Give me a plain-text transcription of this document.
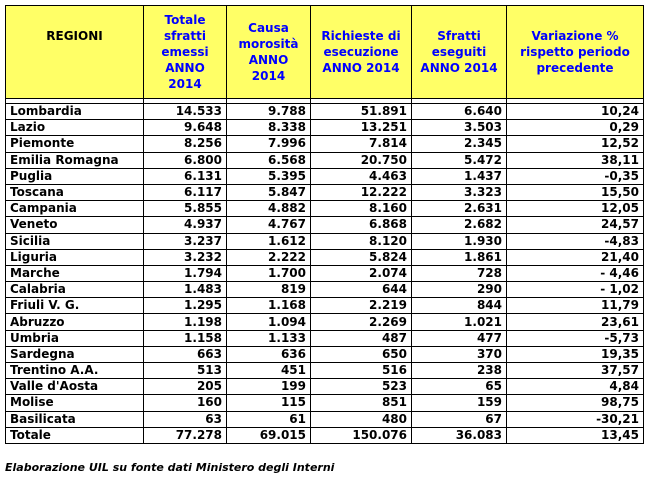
REGIONI	Totale sfratti emessi ANNO 2014	Causa morosità ANNO 2014	Richieste di esecuzione ANNO 2014	Sfratti eseguiti ANNO 2014	Variazione % rispetto periodo precedente

Lombardia	14.533	9.788	51.891	6.640	10,24
Lazio	9.648	8.338	13.251	3.503	0,29
Piemonte	8.256	7.996	7.814	2.345	12,52
Emilia Romagna	6.800	6.568	20.750	5.472	38,11
Puglia	6.131	5.395	4.463	1.437	-0,35
Toscana	6.117	5.847	12.222	3.323	15,50
Campania	5.855	4.882	8.160	2.631	12,05
Veneto	4.937	4.767	6.868	2.682	24,57
Sicilia	3.237	1.612	8.120	1.930	-4,83
Liguria	3.232	2.222	5.824	1.861	21,40
Marche	1.794	1.700	2.074	728	- 4,46
Calabria	1.483	819	644	290	- 1,02
Friuli V. G.	1.295	1.168	2.219	844	11,79
Abruzzo	1.198	1.094	2.269	1.021	23,61
Umbria	1.158	1.133	487	477	-5,73
Sardegna	663	636	650	370	19,35
Trentino A.A.	513	451	516	238	37,57
Valle d'Aosta	205	199	523	65	4,84
Molise	160	115	851	159	98,75
Basilicata	63	61	480	67	-30,21
Totale	77.278	69.015	150.076	36.083	13,45
Elaborazione UIL su fonte dati Ministero degli Interni
